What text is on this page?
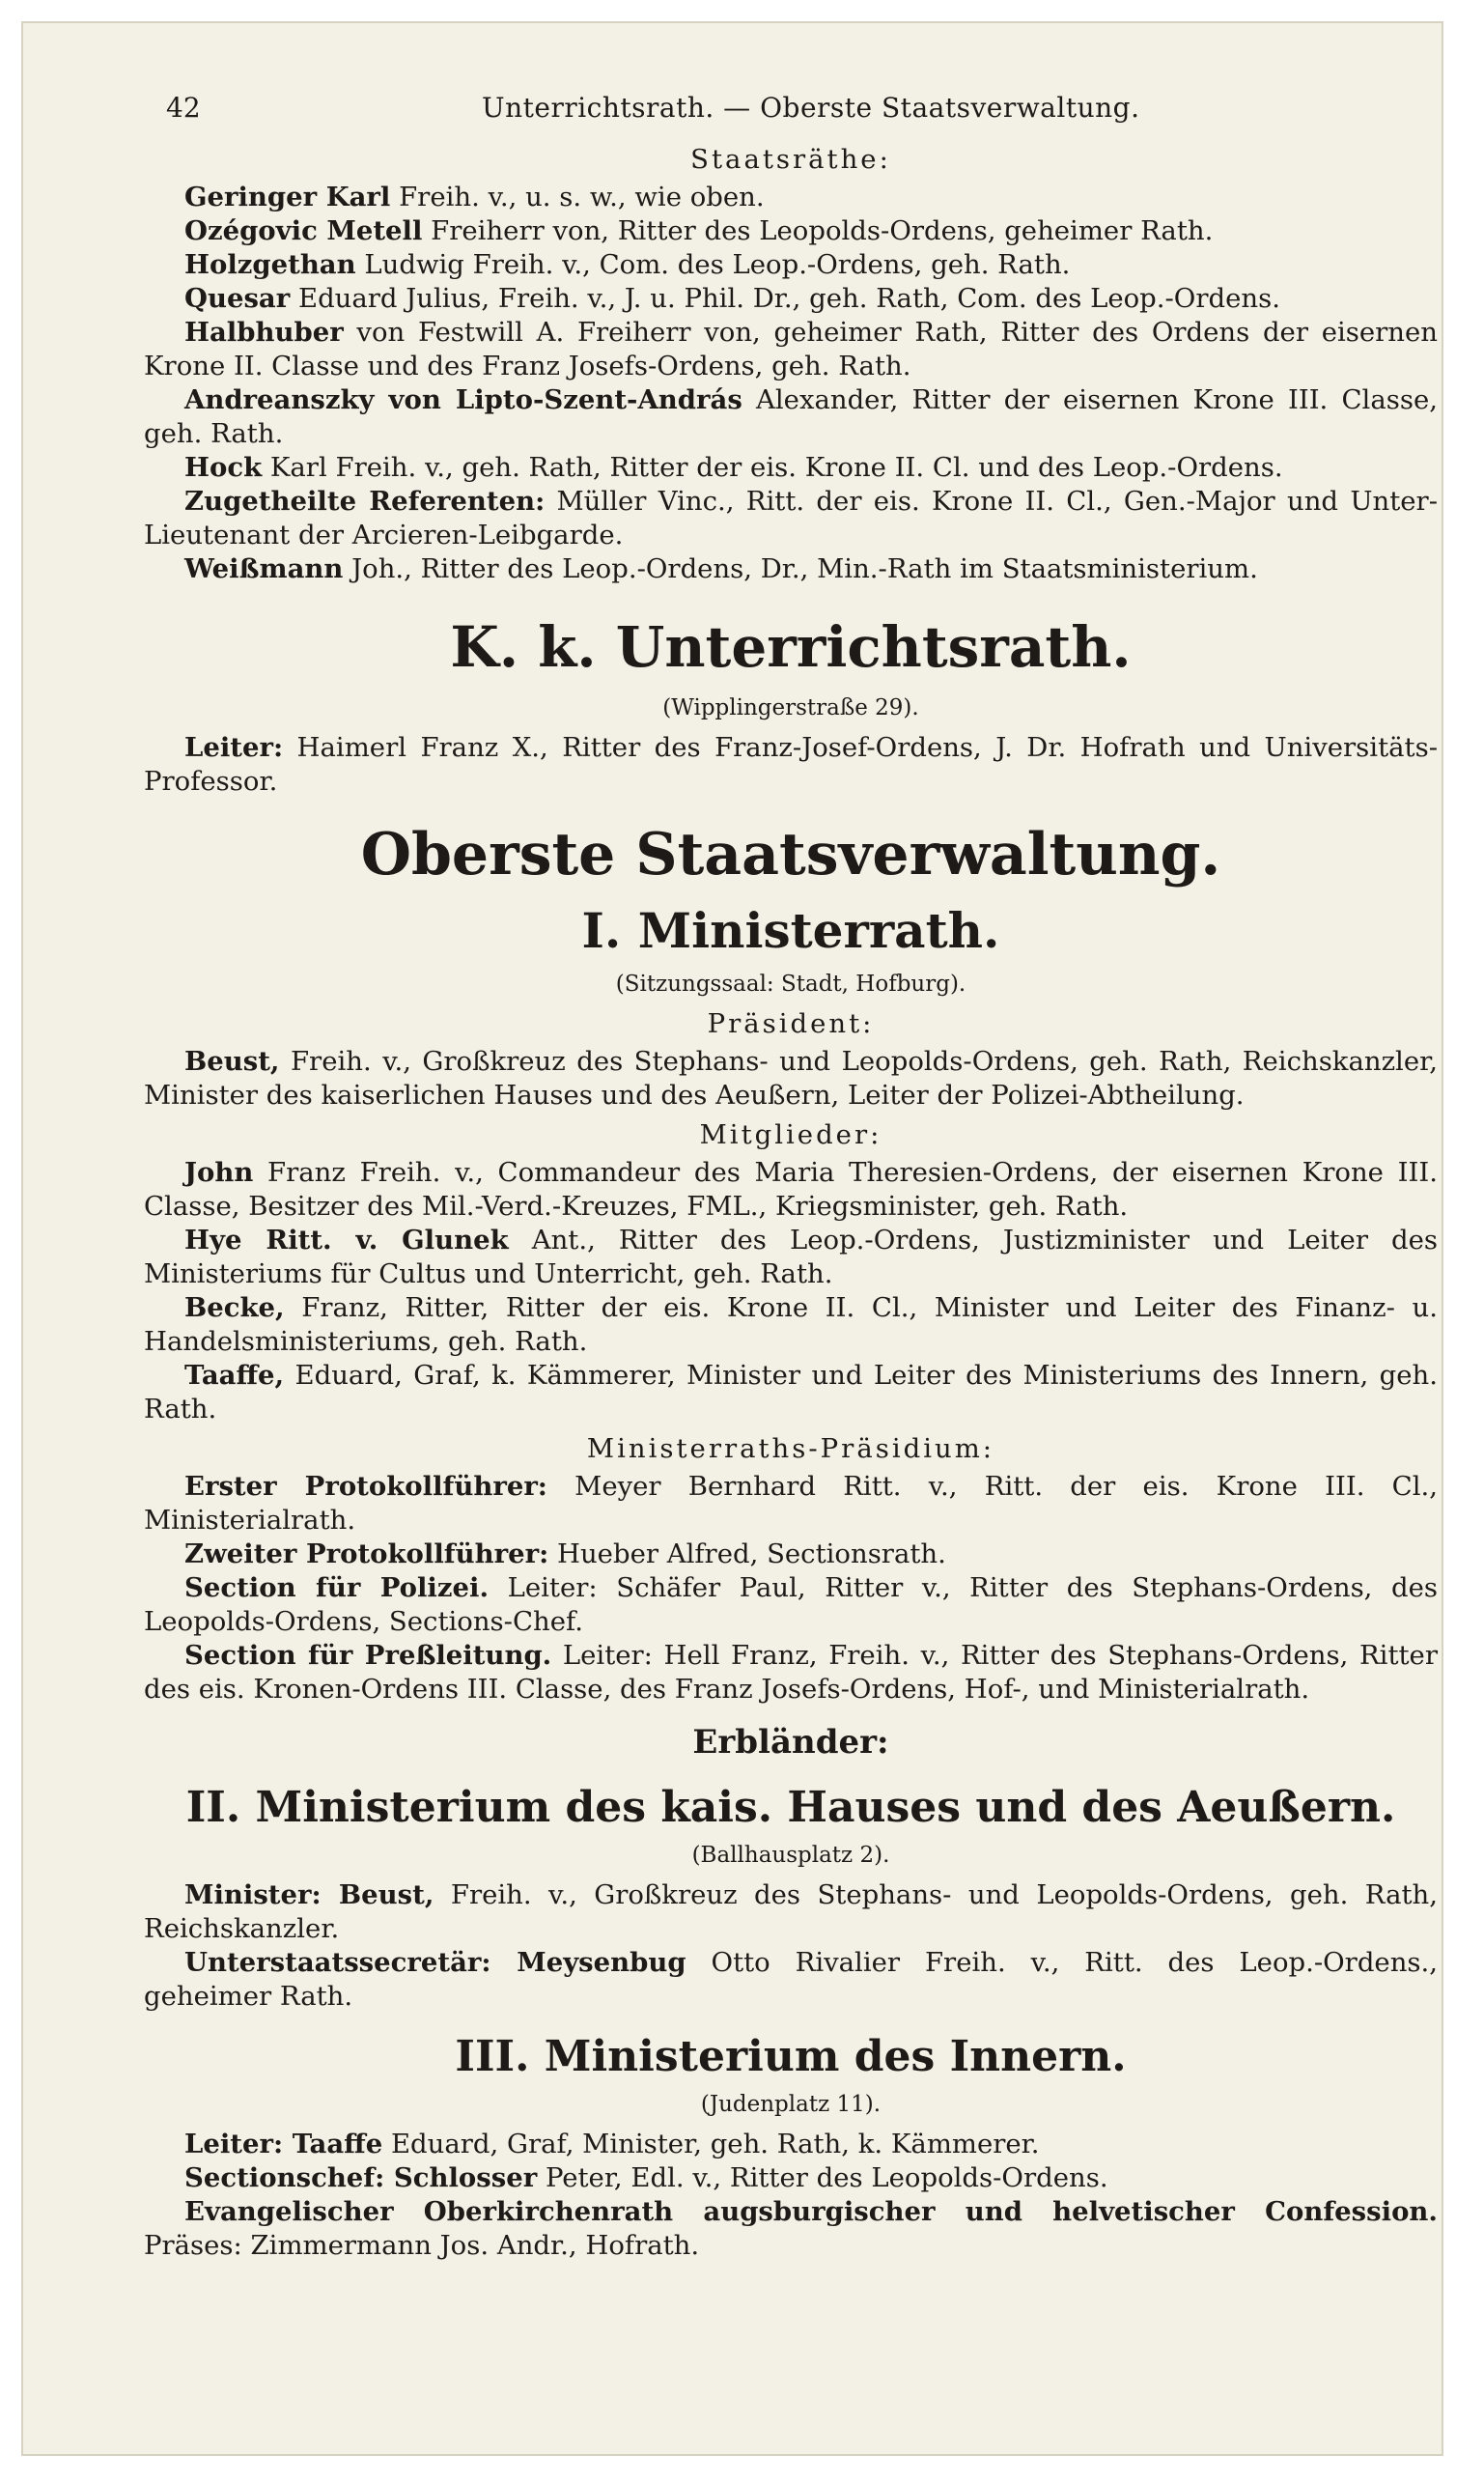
42	Unterrichtsrath. — Oberste Staatsverwaltung.
Staatsräthe:

Geringer Karl Freih. v., u. s. w., wie oben.

Ozégovic Metell Freiherr von, Ritter des Leopolds-Ordens, geheimer Rath.

Holzgethan Ludwig Freih. v., Com. des Leop.-Ordens, geh. Rath.

Quesar Eduard Julius, Freih. v., J. u. Phil. Dr., geh. Rath, Com. des Leop.-Ordens.

Halbhuber von Festwill A. Freiherr von, geheimer Rath, Ritter des Ordens der eisernen Krone II. Classe und des Franz Josefs-Ordens, geh. Rath.

Andreanszky von Lipto-Szent-András Alexander, Ritter der eisernen Krone III. Classe, geh. Rath.

Hock Karl Freih. v., geh. Rath, Ritter der eis. Krone II. Cl. und des Leop.-Ordens.

Zugetheilte Referenten: Müller Vinc., Ritt. der eis. Krone II. Cl., Gen.-Major und Unter-Lieutenant der Arcieren-Leibgarde.

Weißmann Joh., Ritter des Leop.-Ordens, Dr., Min.-Rath im Staatsministerium.

K. k. Unterrichtsrath.
(Wipplingerstraße 29).

Leiter: Haimerl Franz X., Ritter des Franz-Josef-Ordens, J. Dr. Hofrath und Universitäts-Professor.

Oberste Staatsverwaltung.
I. Ministerrath.
(Sitzungssaal: Stadt, Hofburg).
Präsident:

Beust, Freih. v., Großkreuz des Stephans- und Leopolds-Ordens, geh. Rath, Reichskanzler, Minister des kaiserlichen Hauses und des Aeußern, Leiter der Polizei-Abtheilung.

Mitglieder:

John Franz Freih. v., Commandeur des Maria Theresien-Ordens, der eisernen Krone III. Classe, Besitzer des Mil.-Verd.-Kreuzes, FML., Kriegsminister, geh. Rath.

Hye Ritt. v. Glunek Ant., Ritter des Leop.-Ordens, Justizminister und Leiter des Ministeriums für Cultus und Unterricht, geh. Rath.

Becke, Franz, Ritter, Ritter der eis. Krone II. Cl., Minister und Leiter des Finanz- u. Handelsministeriums, geh. Rath.

Taaffe, Eduard, Graf, k. Kämmerer, Minister und Leiter des Ministeriums des Innern, geh. Rath.

Ministerraths-Präsidium:

Erster Protokollführer: Meyer Bernhard Ritt. v., Ritt. der eis. Krone III. Cl., Ministerialrath.

Zweiter Protokollführer: Hueber Alfred, Sectionsrath.

Section für Polizei. Leiter: Schäfer Paul, Ritter v., Ritter des Stephans-Ordens, des Leopolds-Ordens, Sections-Chef.

Section für Preßleitung. Leiter: Hell Franz, Freih. v., Ritter des Stephans-Ordens, Ritter des eis. Kronen-Ordens III. Classe, des Franz Josefs-Ordens, Hof-, und Ministerialrath.

Erbländer:
II. Ministerium des kais. Hauses und des Aeußern.
(Ballhausplatz 2).

Minister: Beust, Freih. v., Großkreuz des Stephans- und Leopolds-Ordens, geh. Rath, Reichskanzler.

Unterstaatssecretär: Meysenbug Otto Rivalier Freih. v., Ritt. des Leop.-Ordens., geheimer Rath.

III. Ministerium des Innern.
(Judenplatz 11).

Leiter: Taaffe Eduard, Graf, Minister, geh. Rath, k. Kämmerer.

Sectionschef: Schlosser Peter, Edl. v., Ritter des Leopolds-Ordens.

Evangelischer Oberkirchenrath augsburgischer und helvetischer Confession. Präses: Zimmermann Jos. Andr., Hofrath.
